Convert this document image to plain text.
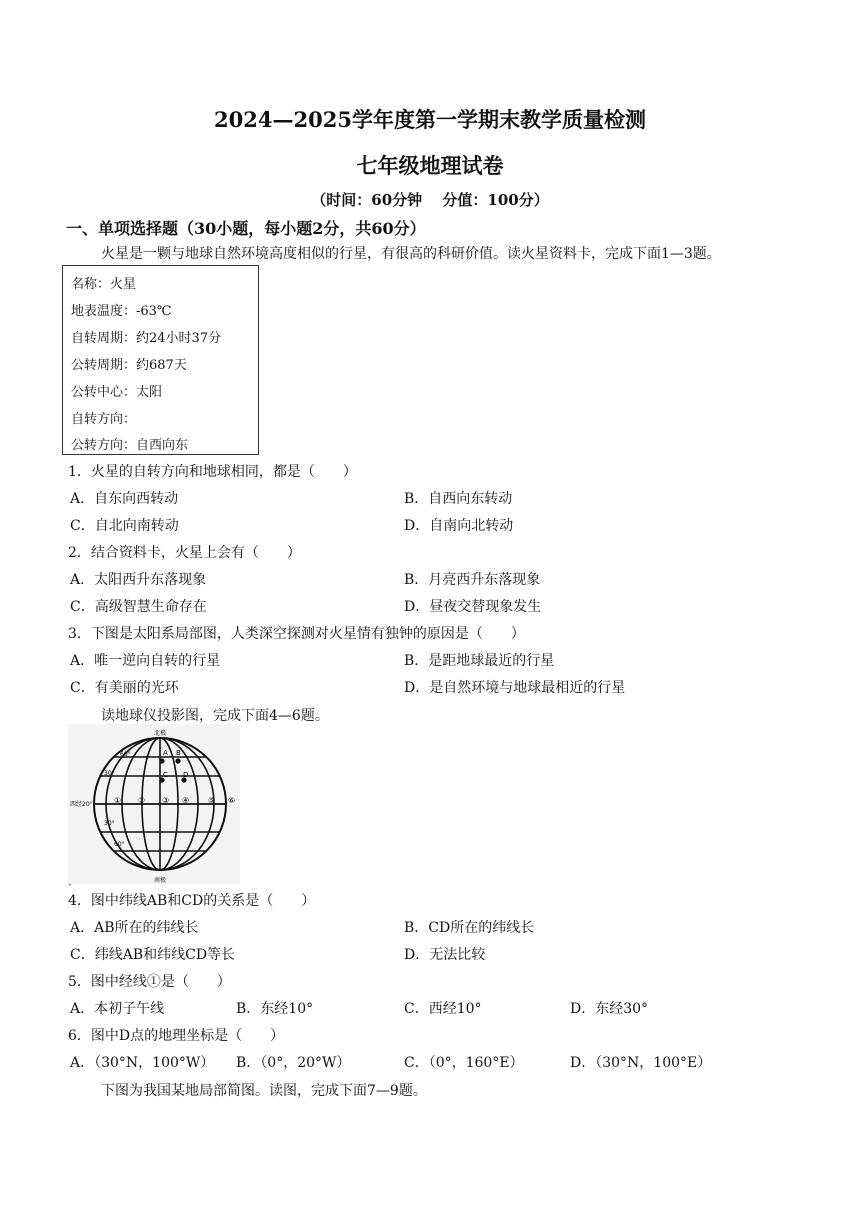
2024—2025学年度第一学期末教学质量检测
七年级地理试卷
（时间：60分钟　 分值：100分）
一、单项选择题（30小题，每小题2分，共60分）
火星是一颗与地球自然环境高度相似的行星，有很高的科研价值。读火星资料卡，完成下面1—3题。
名称：火星
地表温度：-63℃
自转周期：约24小时37分
公转周期：约687天
公转中心：太阳
自转方向：
公转方向：自西向东
1．火星的自转方向和地球相同，都是（　　）
A．自东向西转动	B．自西向东转动
C．自北向南转动	D．自南向北转动
2．结合资料卡，火星上会有（　　）
A．太阳西升东落现象	B．月亮西升东落现象
C．高级智慧生命存在	D．昼夜交替现象发生
3．下图是太阳系局部图，人类深空探测对火星情有独钟的原因是（　　）
A．唯一逆向自转的行星	B．是距地球最近的行星
C．有美丽的光环	D．是自然环境与地球最相近的行星
读地球仪投影图，完成下面4—6题。
北极
南极
西经20°
60°
30°
30°
60°
A B
C D
① ② ③ ④ ⑤ ⑥
ˎ
4．图中纬线AB和CD的关系是（　　）
A．AB所在的纬线长	B．CD所在的纬线长
C．纬线AB和纬线CD等长	D．无法比较
5．图中经线①是（　　）
A．本初子午线	B．东经10°	C．西经10°	D．东经30°
6．图中D点的地理坐标是（　　）
A．（30°N，100°W） B．（0°，20°W）	C．（0°，160°E）	D．（30°N，100°E）
下图为我国某地局部简图。读图，完成下面7—9题。
